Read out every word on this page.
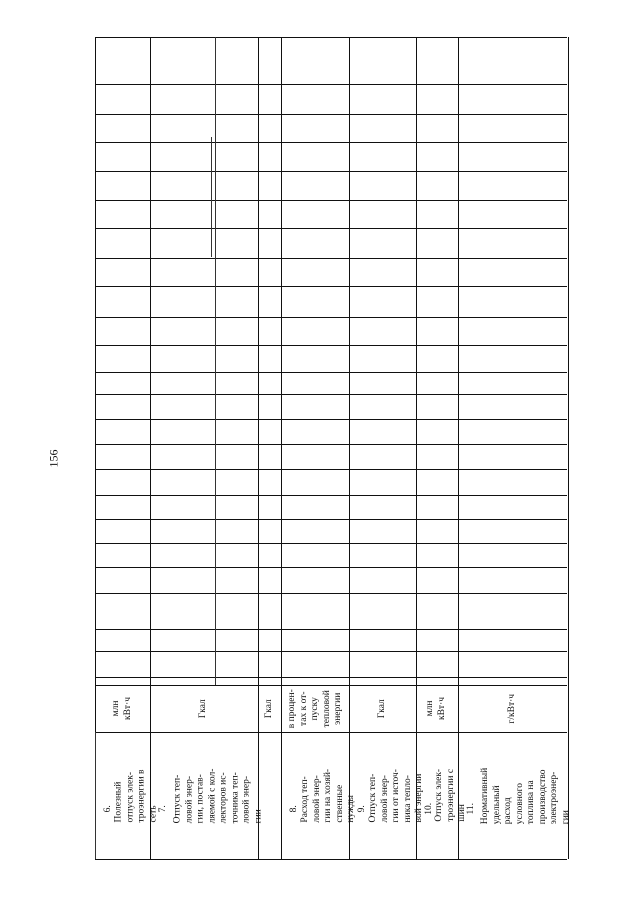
156
6. Полезный
отпуск элек-
троэнергии в
сеть
млн
кВт·ч
7. Отпуск теп-
ловой энер-
гии, постав-
ляемой с кол-
лекторов ис-
точника теп-
ловой энер-
гии
Гкал	Гкал
8. Расход теп-
ловой энер-
гии на хозяй-
ственные
нужды
в процен-
тах к от-
пуску
тепловой
энергии
9. Отпуск теп-
ловой энер-
гии от источ-
ника тепло-
вой энергии
Гкал
10. Отпуск элек-
троэнергии с
шин
млн
кВт·ч
11. Нормативный
удельный
расход
условного
топлива на
производство
электроэнер-
гии
г/кВт·ч
